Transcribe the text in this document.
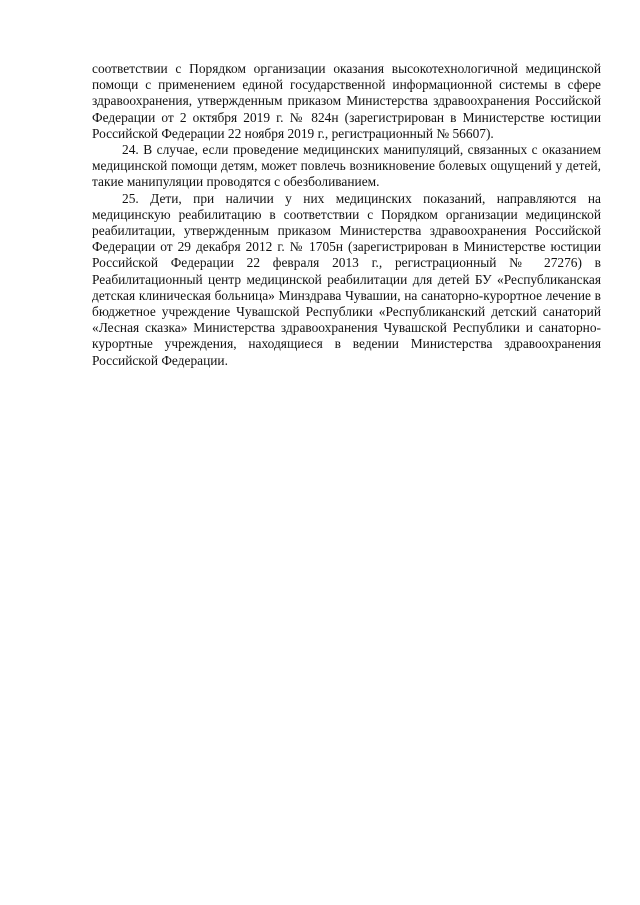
соответствии с Порядком организации оказания высокотехнологичной медицинской помощи с применением единой государственной информационной системы в сфере здравоохранения, утвержденным приказом Министерства здравоохранения Российской Федерации от 2 октября 2019 г. № 824н (зарегистрирован в Министерстве юстиции Российской Федерации 22 ноября 2019 г., регистрационный № 56607).

24. В случае, если проведение медицинских манипуляций, связанных с оказанием медицинской помощи детям, может повлечь возникновение болевых ощущений у детей, такие манипуляции проводятся с обезболиванием.

25. Дети, при наличии у них медицинских показаний, направляются на медицинскую реабилитацию в соответствии с Порядком организации медицинской реабилитации, утвержденным приказом Министерства здравоохранения Российской Федерации от 29 декабря 2012 г. № 1705н (зарегистрирован в Министерстве юстиции Российской Федерации 22 февраля 2013 г., регистрационный № 27276) в Реабилитационный центр медицинской реабилитации для детей БУ «Республиканская детская клиническая больница» Минздрава Чувашии, на санаторно-курортное лечение в бюджетное учреждение Чувашской Республики «Республиканский детский санаторий «Лесная сказка» Министерства здравоохранения Чувашской Республики и санаторно-курортные учреждения, находящиеся в ведении Министерства здравоохранения Российской Федерации.
